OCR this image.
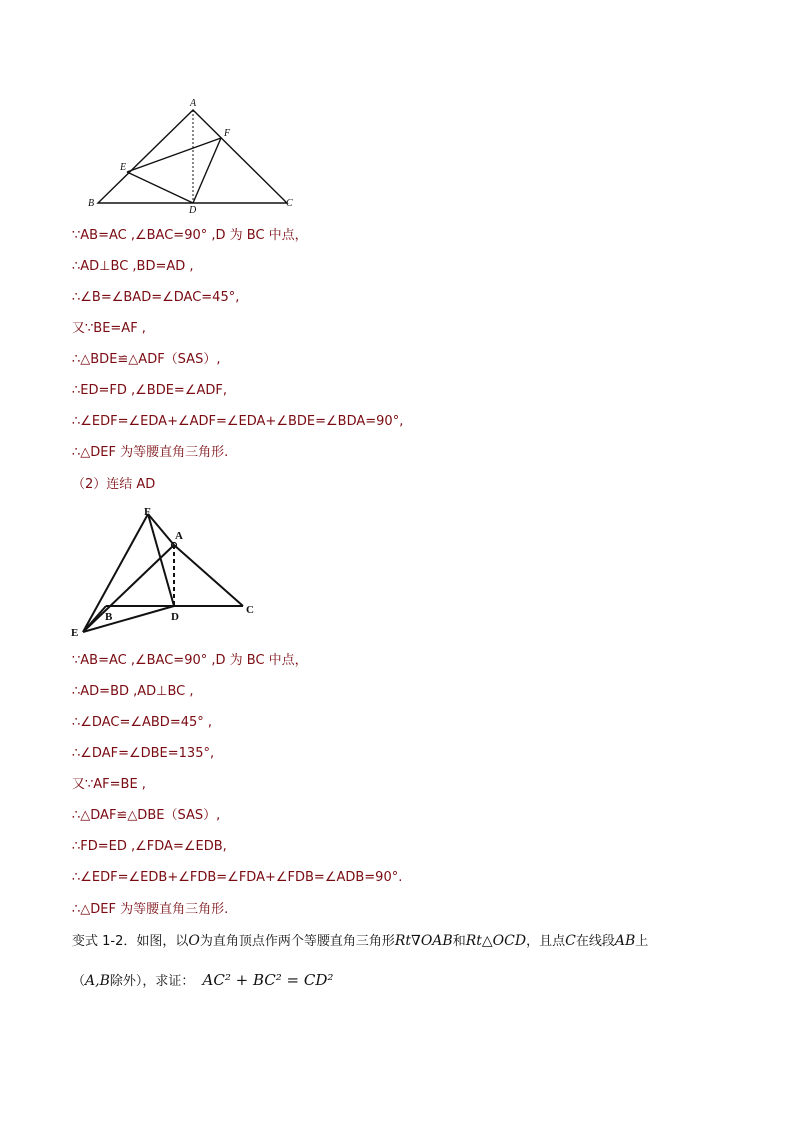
A
B	C
D
E
F
∵AB=AC ,∠BAC=90° ,D 为 BC 中点，
∴AD⊥BC ,BD=AD ,
∴∠B=∠BAD=∠DAC=45°,
又∵BE=AF ,
∴△BDE≌△ADF（SAS）,
∴ED=FD ,∠BDE=∠ADF,
∴∠EDF=∠EDA+∠ADF=∠EDA+∠BDE=∠BDA=90°,
∴△DEF 为等腰直角三角形.
（2）连结 AD
F
A
B
C
D
E
∵AB=AC ,∠BAC=90° ,D 为 BC 中点，
∴AD=BD ,AD⊥BC ,
∴∠DAC=∠ABD=45° ,
∴∠DAF=∠DBE=135°,
又∵AF=BE ,
∴△DAF≌△DBE（SAS）,
∴FD=ED ,∠FDA=∠EDB,
∴∠EDF=∠EDB+∠FDB=∠FDA+∠FDB=∠ADB=90°.
∴△DEF 为等腰直角三角形.
变式 1-2．如图，以O为直角顶点作两个等腰直角三角形Rt∇OAB和Rt△OCD，且点C在线段AB上
（A,B除外），求证： AC² + BC² = CD²
